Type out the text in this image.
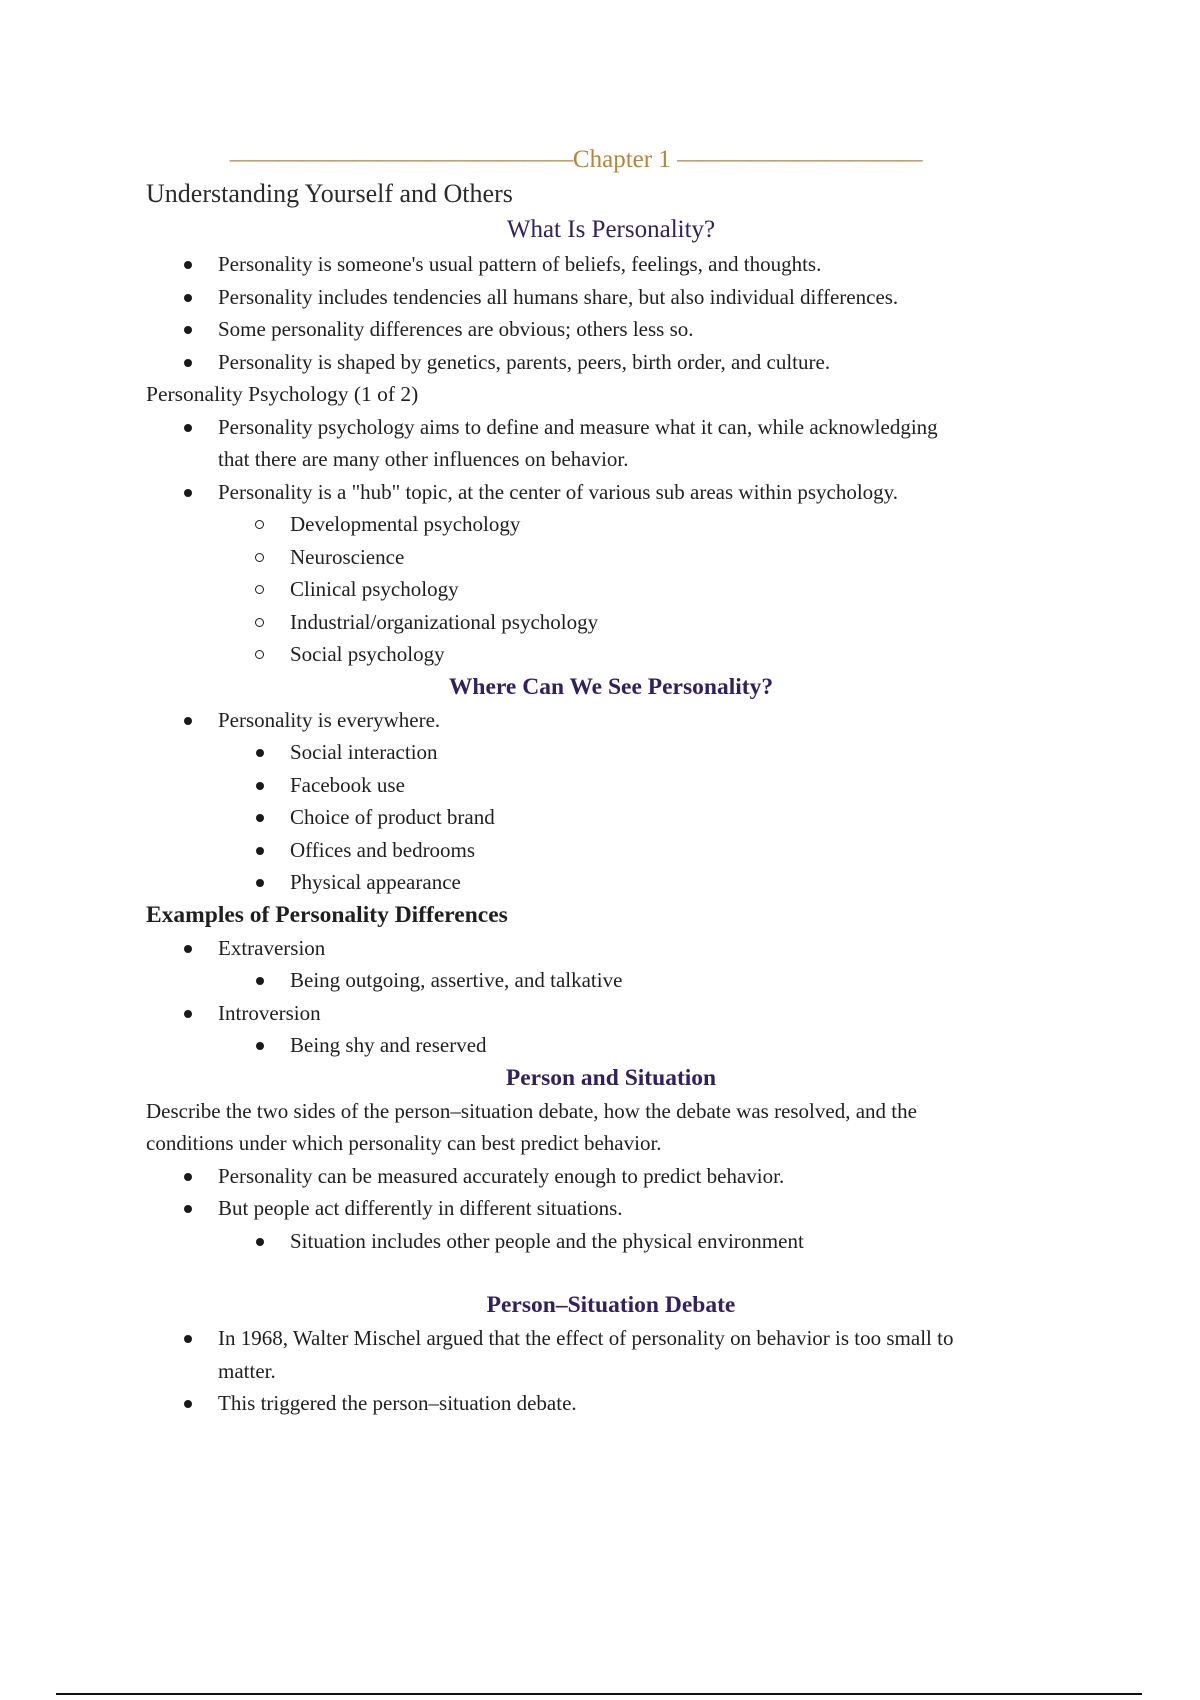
——————————————Chapter 1 ——————————
Understanding Yourself and Others
What Is Personality?
Personality is someone's usual pattern of beliefs, feelings, and thoughts.
Personality includes tendencies all humans share, but also individual differences.
Some personality differences are obvious; others less so.
Personality is shaped by genetics, parents, peers, birth order, and culture.
Personality Psychology (1 of 2)
Personality psychology aims to define and measure what it can, while acknowledging
that there are many other influences on behavior.
Personality is a "hub" topic, at the center of various sub areas within psychology.
Developmental psychology
Neuroscience
Clinical psychology
Industrial/organizational psychology
Social psychology
Where Can We See Personality?
Personality is everywhere.
Social interaction
Facebook use
Choice of product brand
Offices and bedrooms
Physical appearance
Examples of Personality Differences
Extraversion
Being outgoing, assertive, and talkative
Introversion
Being shy and reserved
Person and Situation
Describe the two sides of the person–situation debate, how the debate was resolved, and the
conditions under which personality can best predict behavior.
Personality can be measured accurately enough to predict behavior.
But people act differently in different situations.
Situation includes other people and the physical environment
Person–Situation Debate
In 1968, Walter Mischel argued that the effect of personality on behavior is too small to
matter.
This triggered the person–situation debate.
